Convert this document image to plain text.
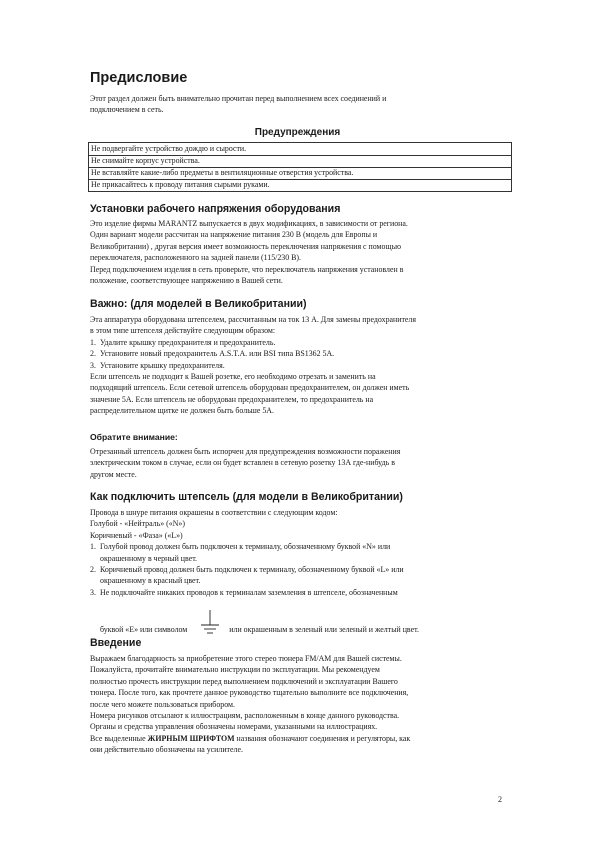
Предисловие
Этот раздел должен быть внимательно прочитан перед выполнением всех соединений и
подключением в сеть.
Предупреждения
Не подвергайте устройство дождю и сырости.
Не снимайте корпус устройства.
Не вставляйте какие-либо предметы в вентиляционные отверстия устройства.
Не прикасайтесь к проводу питания сырыми руками.
Установки рабочего напряжения оборудования
Это изделие фирмы MARANTZ выпускается в двух модификациях, в зависимости от региона.
Один вариант модели рассчитан на напряжение питания 230 В (модель для Европы и
Великобритании) , другая версия имеет возможность переключения напряжения с помощью
переключателя, расположенного на задней панели (115/230 В).
Перед подключением изделия в сеть проверьте, что переключатель напряжения установлен в
положение, соответствующее напряжению в Вашей сети.
Важно: (для моделей в Великобритании)
Эта аппаратура оборудована штепселем, рассчитанным на ток 13 А. Для замены предохранителя
в этом типе штепселя действуйте следующим образом:
1. Удалите крышку предохранителя и предохранитель.
2. Установите новый предохранитель A.S.T.A. или BSI типа BS1362 5А.
3. Установите крышку предохранителя.
Если штепсель не подходит к Вашей розетке, его необходимо отрезать и заменить на
подходящий штепсель. Если сетевой штепсель оборудован предохранителем, он должен иметь
значение 5А. Если штепсель не оборудован предохранителем, то предохранитель на
распределительном щитке не должен быть больше 5А.
Обратите внимание:
Отрезанный штепсель должен быть испорчен для предупреждения возможности поражения
электрическим током в случае, если он будет вставлен в сетевую розетку 13А где-нибудь в
другом месте.
Как подключить штепсель (для модели в Великобритании)
Провода в шнуре питания окрашены в соответствии с следующим кодом:
Голубой - «Нейтраль» («N»)
Коричневый - «Фаза» («L»)
1. Голубой провод должен быть подключен к терминалу, обозначенному буквой «N» или
окрашенному в черный цвет.
2. Коричневый провод должен быть подключен к терминалу, обозначенному буквой «L» или
окрашенному в красный цвет.
3. Не подключайте никаких проводов к терминалам заземления в штепселе, обозначенным
буквой «Е» или символом	или окрашенным в зеленый или зеленый и желтый цвет.
Введение
Выражаем благодарность за приобретение этого стерео тюнера FM/AM для Вашей системы.
Пожалуйста, прочитайте внимательно инструкции по эксплуатации. Мы рекомендуем
полностью прочесть инструкции перед выполнением подключений и эксплуатации Вашего
тюнера. После того, как прочтете данное руководство тщательно выполните все подключения,
после чего можете пользоваться прибором.
Номера рисунков отсылают к иллюстрациям, расположенным в конце данного руководства.
Органы и средства управления обозначены номерами, указанными на иллюстрациях.
Все выделенные ЖИРНЫМ ШРИФТОМ названия обозначают соединения и регуляторы, как
они действительно обозначены на усилителе.
2
